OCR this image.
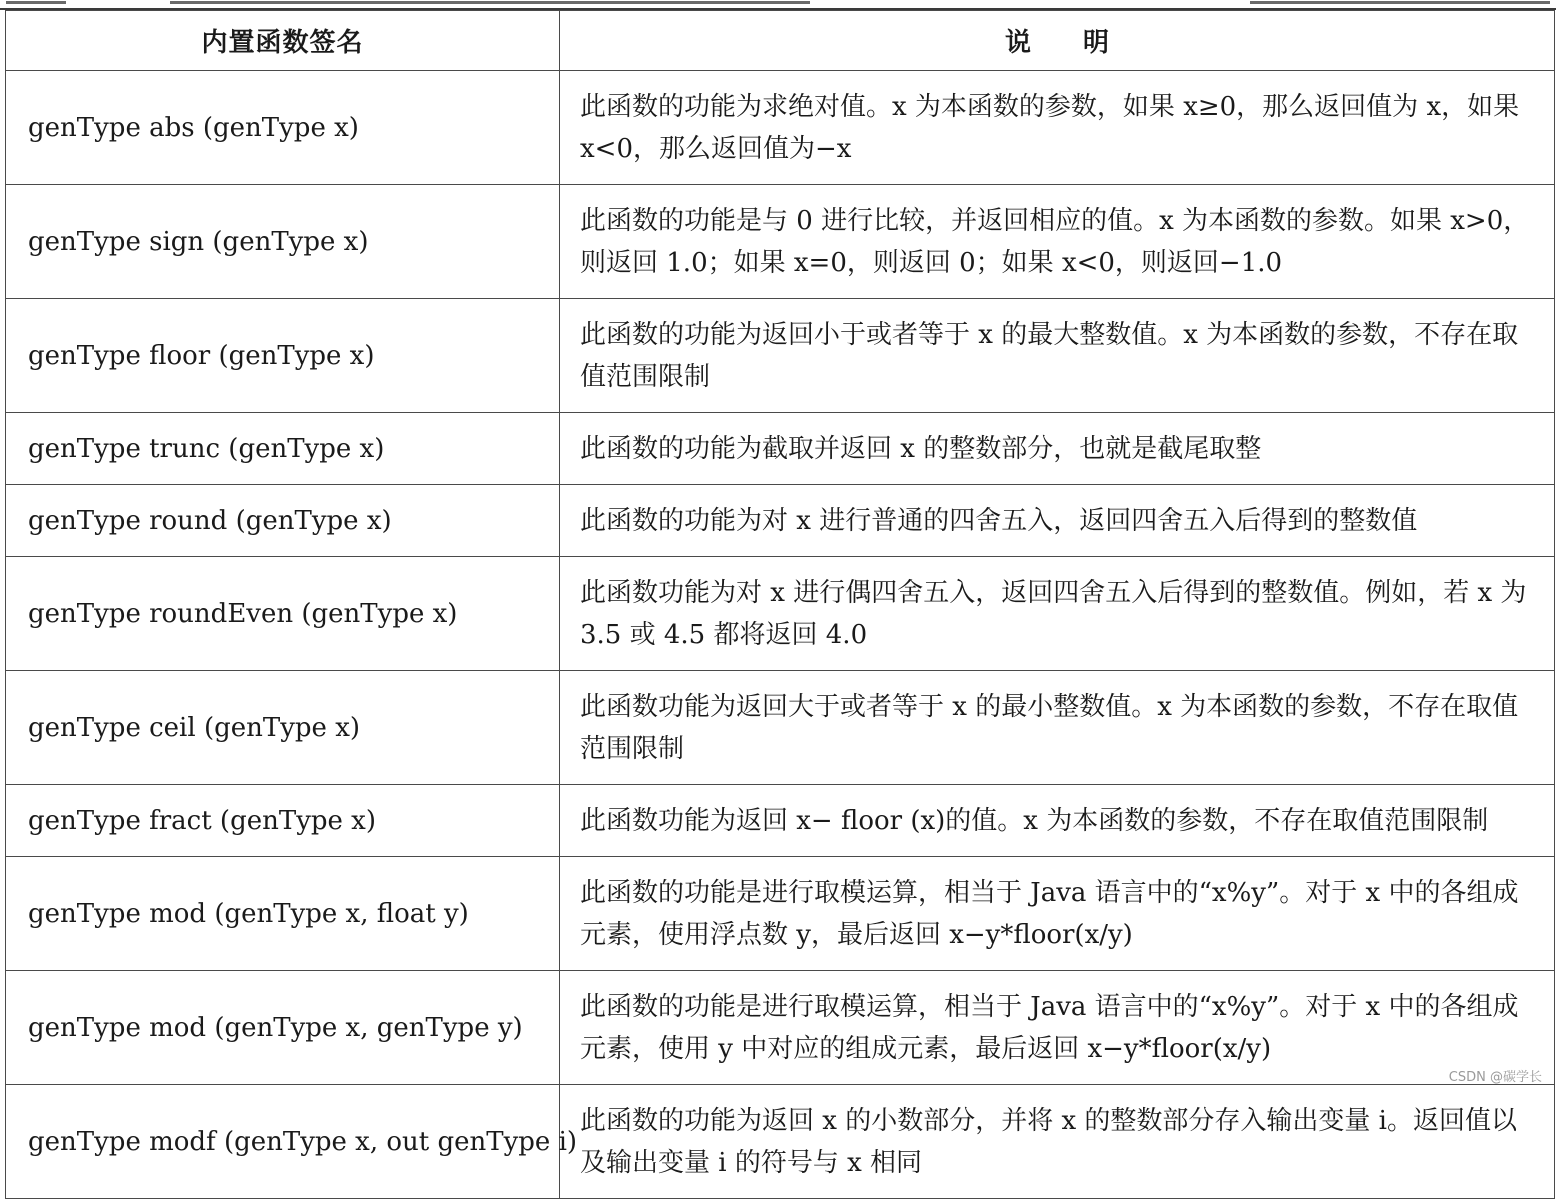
内置函数签名	说　　明
genType abs (genType x)	此函数的功能为求绝对值。x 为本函数的参数，如果 x≥0，那么返回值为 x，如果 x<0，那么返回值为−x
genType sign (genType x)	此函数的功能是与 0 进行比较，并返回相应的值。x 为本函数的参数。如果 x>0，则返回 1.0；如果 x=0，则返回 0；如果 x<0，则返回−1.0
genType floor (genType x)	此函数的功能为返回小于或者等于 x 的最大整数值。x 为本函数的参数，不存在取值范围限制
genType trunc (genType x)	此函数的功能为截取并返回 x 的整数部分，也就是截尾取整
genType round (genType x)	此函数的功能为对 x 进行普通的四舍五入，返回四舍五入后得到的整数值
genType roundEven (genType x)	此函数功能为对 x 进行偶四舍五入，返回四舍五入后得到的整数值。例如，若 x 为 3.5 或 4.5 都将返回 4.0
genType ceil (genType x)	此函数功能为返回大于或者等于 x 的最小整数值。x 为本函数的参数，不存在取值范围限制
genType fract (genType x)	此函数功能为返回 x− floor (x)的值。x 为本函数的参数，不存在取值范围限制
genType mod (genType x, float y)	此函数的功能是进行取模运算，相当于 Java 语言中的“x%y”。对于 x 中的各组成元素，使用浮点数 y，最后返回 x−y*floor(x/y)
genType mod (genType x, genType y)	此函数的功能是进行取模运算，相当于 Java 语言中的“x%y”。对于 x 中的各组成元素，使用 y 中对应的组成元素，最后返回 x−y*floor(x/y)
genType modf (genType x, out genType i)	此函数的功能为返回 x 的小数部分，并将 x 的整数部分存入输出变量 i。返回值以及输出变量 i 的符号与 x 相同
CSDN @碳学长
